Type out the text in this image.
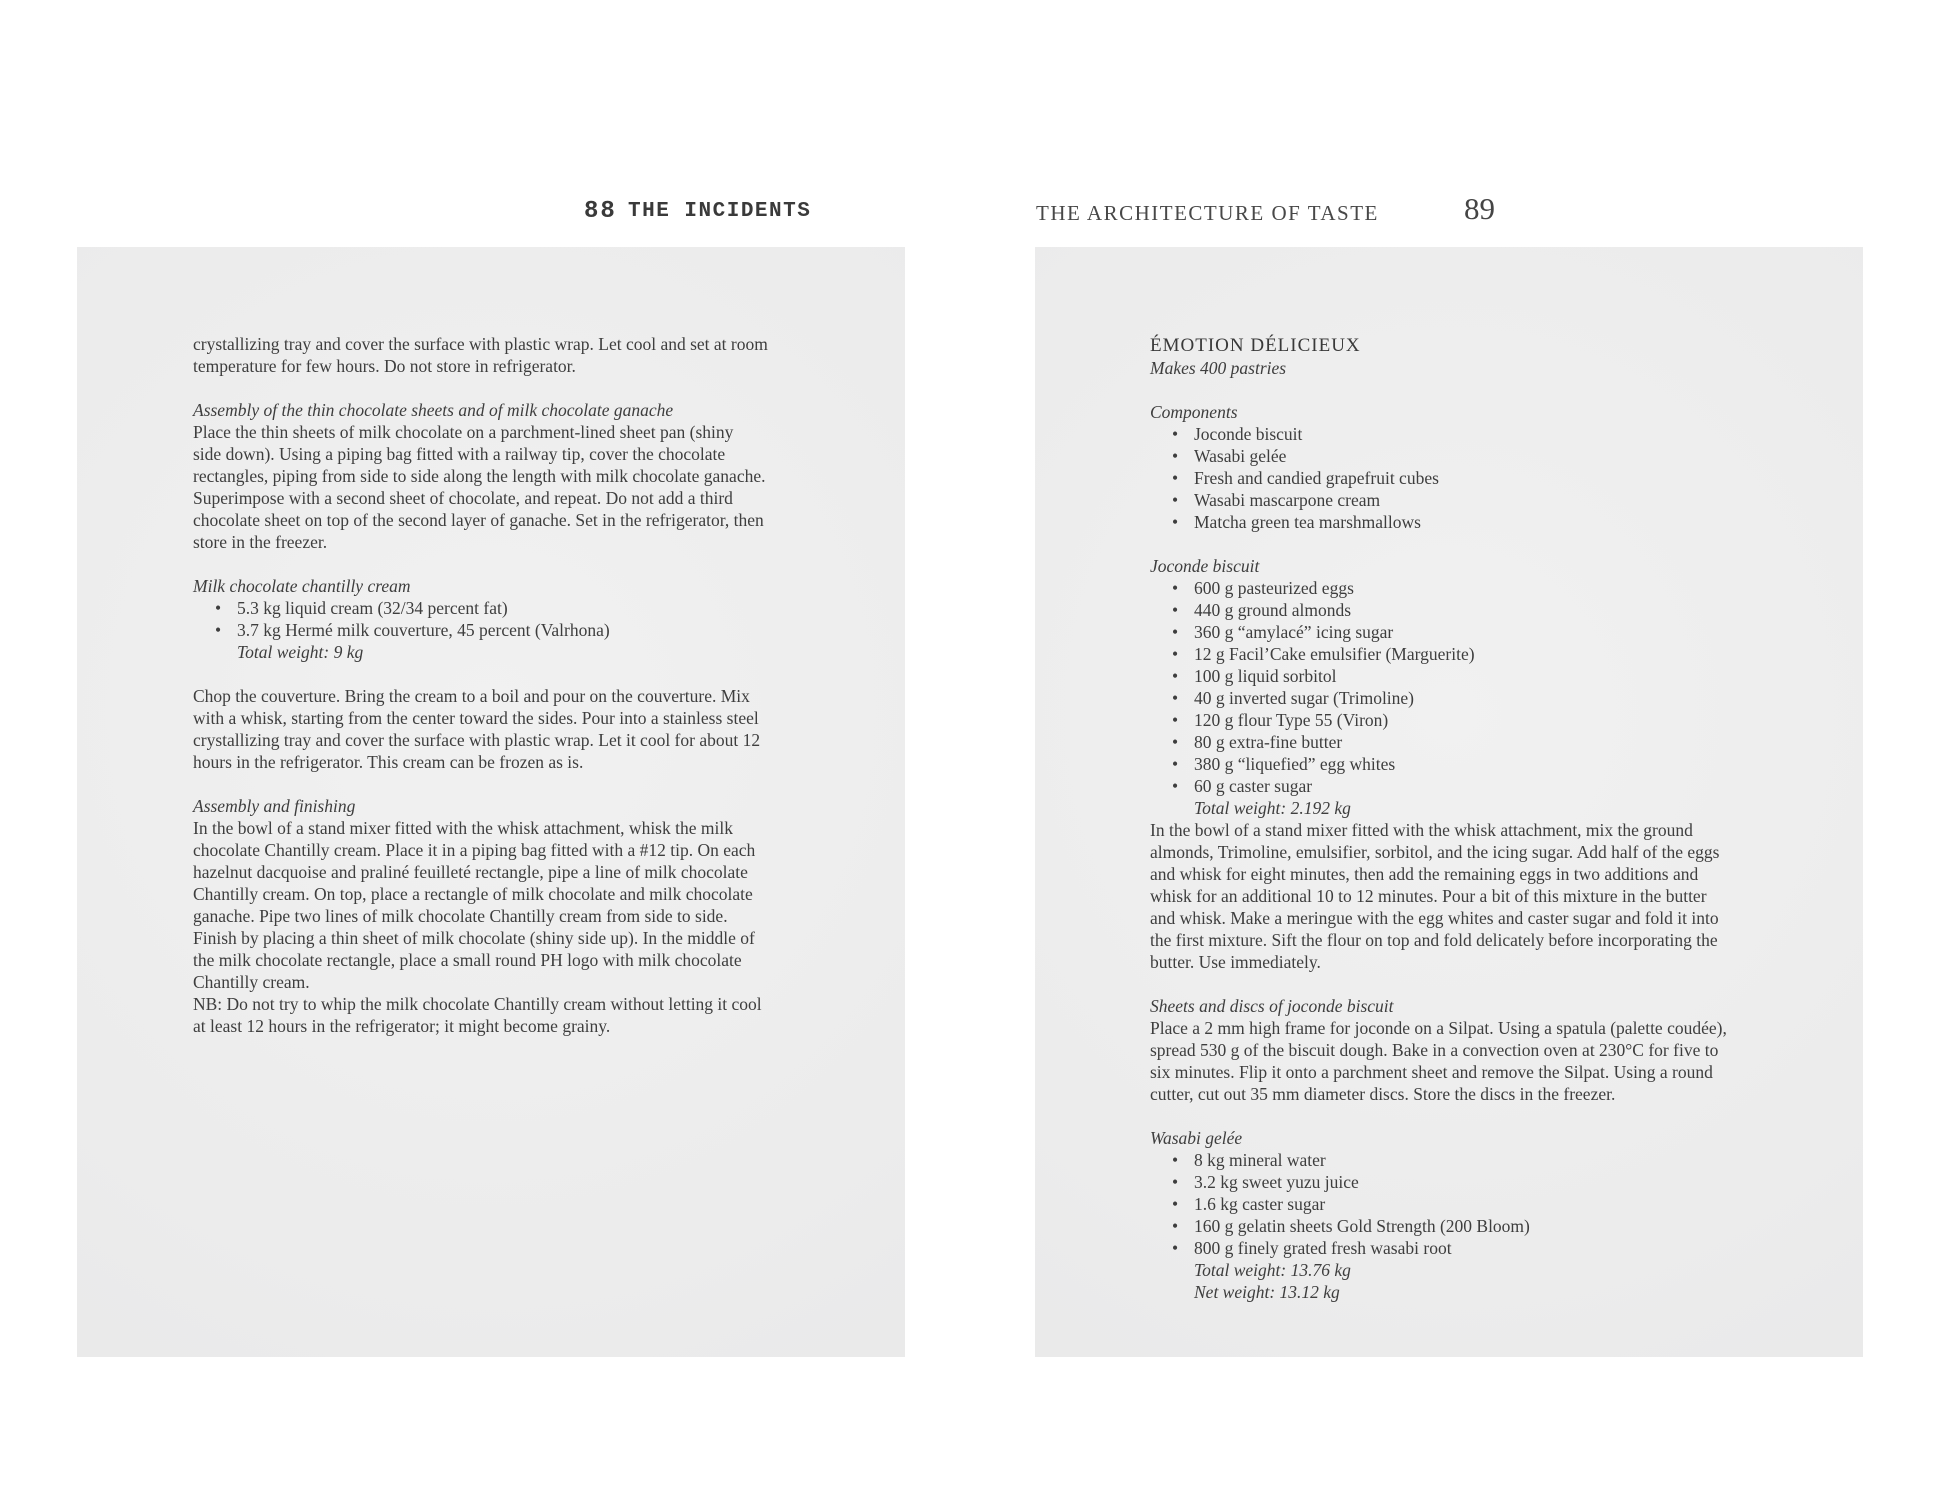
88 THE INCIDENTS	THE ARCHITECTURE OF TASTE	89

crystallizing tray and cover the surface with plastic wrap. Let cool and set at room
temperature for few hours. Do not store in refrigerator.

Assembly of the thin chocolate sheets and of milk chocolate ganache

Place the thin sheets of milk chocolate on a parchment-lined sheet pan (shiny
side down). Using a piping bag fitted with a railway tip, cover the chocolate
rectangles, piping from side to side along the length with milk chocolate ganache.
Superimpose with a second sheet of chocolate, and repeat. Do not add a third
chocolate sheet on top of the second layer of ganache. Set in the refrigerator, then
store in the freezer.

Milk chocolate chantilly cream

• 5.3 kg liquid cream (32/34 percent fat)
• 3.7 kg Hermé milk couverture, 45 percent (Valrhona)
Total weight: 9 kg

Chop the couverture. Bring the cream to a boil and pour on the couverture. Mix
with a whisk, starting from the center toward the sides. Pour into a stainless steel
crystallizing tray and cover the surface with plastic wrap. Let it cool for about 12
hours in the refrigerator. This cream can be frozen as is.

Assembly and finishing

In the bowl of a stand mixer fitted with the whisk attachment, whisk the milk
chocolate Chantilly cream. Place it in a piping bag fitted with a #12 tip. On each
hazelnut dacquoise and praliné feuilleté rectangle, pipe a line of milk chocolate
Chantilly cream. On top, place a rectangle of milk chocolate and milk chocolate
ganache. Pipe two lines of milk chocolate Chantilly cream from side to side.
Finish by placing a thin sheet of milk chocolate (shiny side up). In the middle of
the milk chocolate rectangle, place a small round PH logo with milk chocolate
Chantilly cream.
NB: Do not try to whip the milk chocolate Chantilly cream without letting it cool
at least 12 hours in the refrigerator; it might become grainy.

ÉMOTION DÉLICIEUX

Makes 400 pastries

Components

• Joconde biscuit
• Wasabi gelée
• Fresh and candied grapefruit cubes
• Wasabi mascarpone cream
• Matcha green tea marshmallows

Joconde biscuit

• 600 g pasteurized eggs
• 440 g ground almonds
• 360 g “amylacé” icing sugar
• 12 g Facil’Cake emulsifier (Marguerite)
• 100 g liquid sorbitol
• 40 g inverted sugar (Trimoline)
• 120 g flour Type 55 (Viron)
• 80 g extra-fine butter
• 380 g “liquefied” egg whites
• 60 g caster sugar
Total weight: 2.192 kg

In the bowl of a stand mixer fitted with the whisk attachment, mix the ground
almonds, Trimoline, emulsifier, sorbitol, and the icing sugar. Add half of the eggs
and whisk for eight minutes, then add the remaining eggs in two additions and
whisk for an additional 10 to 12 minutes. Pour a bit of this mixture in the butter
and whisk. Make a meringue with the egg whites and caster sugar and fold it into
the first mixture. Sift the flour on top and fold delicately before incorporating the
butter. Use immediately.

Sheets and discs of joconde biscuit

Place a 2 mm high frame for joconde on a Silpat. Using a spatula (palette coudée),
spread 530 g of the biscuit dough. Bake in a convection oven at 230°C for five to
six minutes. Flip it onto a parchment sheet and remove the Silpat. Using a round
cutter, cut out 35 mm diameter discs. Store the discs in the freezer.

Wasabi gelée

• 8 kg mineral water
• 3.2 kg sweet yuzu juice
• 1.6 kg caster sugar
• 160 g gelatin sheets Gold Strength (200 Bloom)
• 800 g finely grated fresh wasabi root
Total weight: 13.76 kg
Net weight: 13.12 kg
